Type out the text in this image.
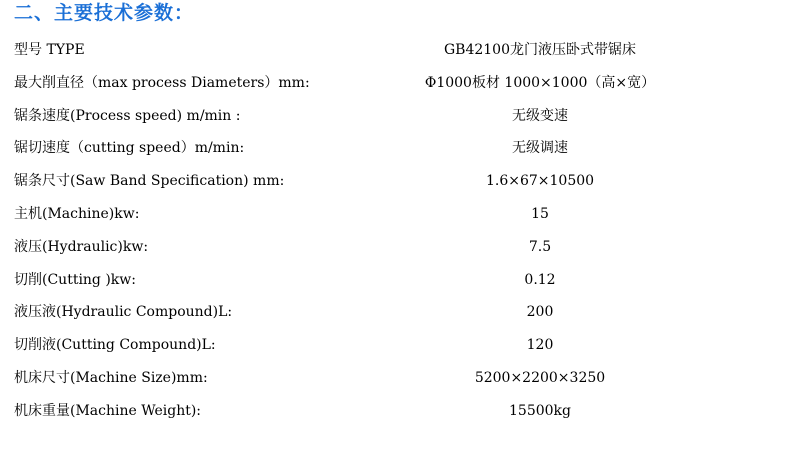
二、主要技术参数：
型号 TYPE	GB42100龙门液压卧式带锯床
最大削直径（max process Diameters）mm:	Φ1000板材 1000×1000（高×宽）
锯条速度(Process speed) m/min :	无级变速
锯切速度（cutting speed）m/min:	无级调速
锯条尺寸(Saw Band Specification) mm:	1.6×67×10500
主机(Machine)kw:	15
液压(Hydraulic)kw:	7.5
切削(Cutting )kw:	0.12
液压液(Hydraulic Compound)L:	200
切削液(Cutting Compound)L:	120
机床尺寸(Machine Size)mm:	5200×2200×3250
机床重量(Machine Weight):	15500kg
